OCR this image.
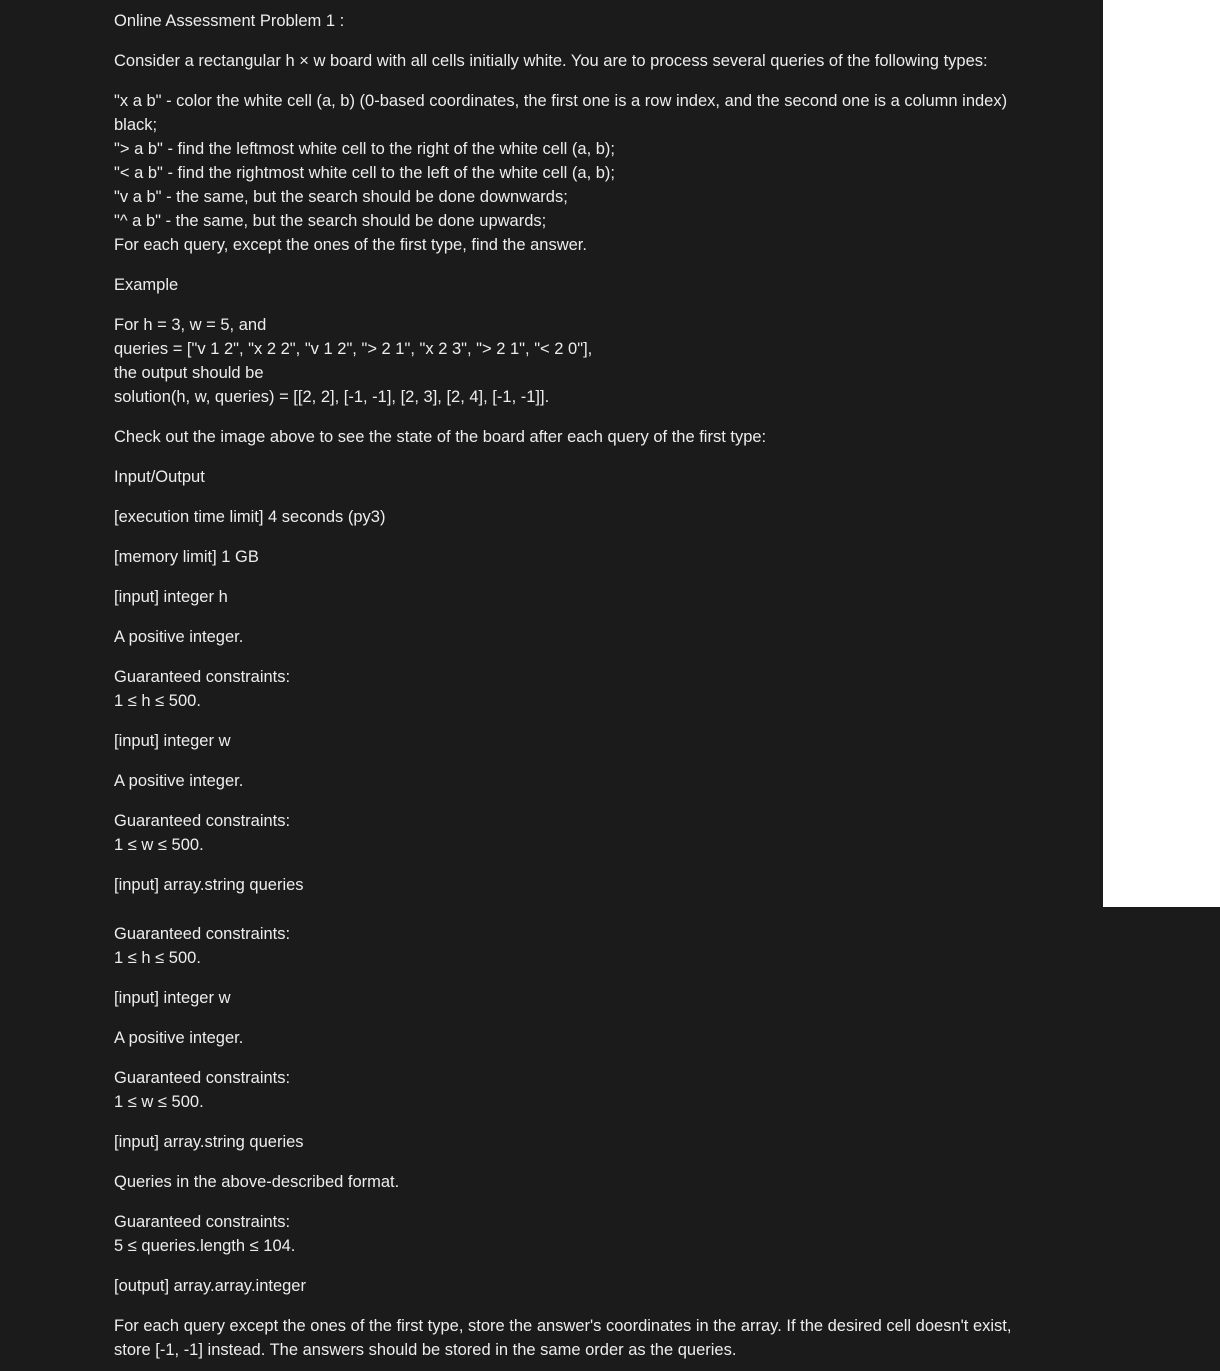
Online Assessment Problem 1 :
Consider a rectangular h × w board with all cells initially white. You are to process several queries of the following types:
"x a b" - color the white cell (a, b) (0-based coordinates, the first one is a row index, and the second one is a column index)
black;
"> a b" - find the leftmost white cell to the right of the white cell (a, b);
"< a b" - find the rightmost white cell to the left of the white cell (a, b);
"v a b" - the same, but the search should be done downwards;
"^ a b" - the same, but the search should be done upwards;
For each query, except the ones of the first type, find the answer.
Example
For h = 3, w = 5, and
queries = ["v 1 2", "x 2 2", "v 1 2", "> 2 1", "x 2 3", "> 2 1", "< 2 0"],
the output should be
solution(h, w, queries) = [[2, 2], [-1, -1], [2, 3], [2, 4], [-1, -1]].
Check out the image above to see the state of the board after each query of the first type:
Input/Output
[execution time limit] 4 seconds (py3)
[memory limit] 1 GB
[input] integer h
A positive integer.
Guaranteed constraints:
1 ≤ h ≤ 500.
[input] integer w
A positive integer.
Guaranteed constraints:
1 ≤ w ≤ 500.
[input] array.string queries
Guaranteed constraints:
1 ≤ h ≤ 500.
[input] integer w
A positive integer.
Guaranteed constraints:
1 ≤ w ≤ 500.
[input] array.string queries
Queries in the above-described format.
Guaranteed constraints:
5 ≤ queries.length ≤ 104.
[output] array.array.integer
For each query except the ones of the first type, store the answer's coordinates in the array. If the desired cell doesn't exist,
store [-1, -1] instead. The answers should be stored in the same order as the queries.
